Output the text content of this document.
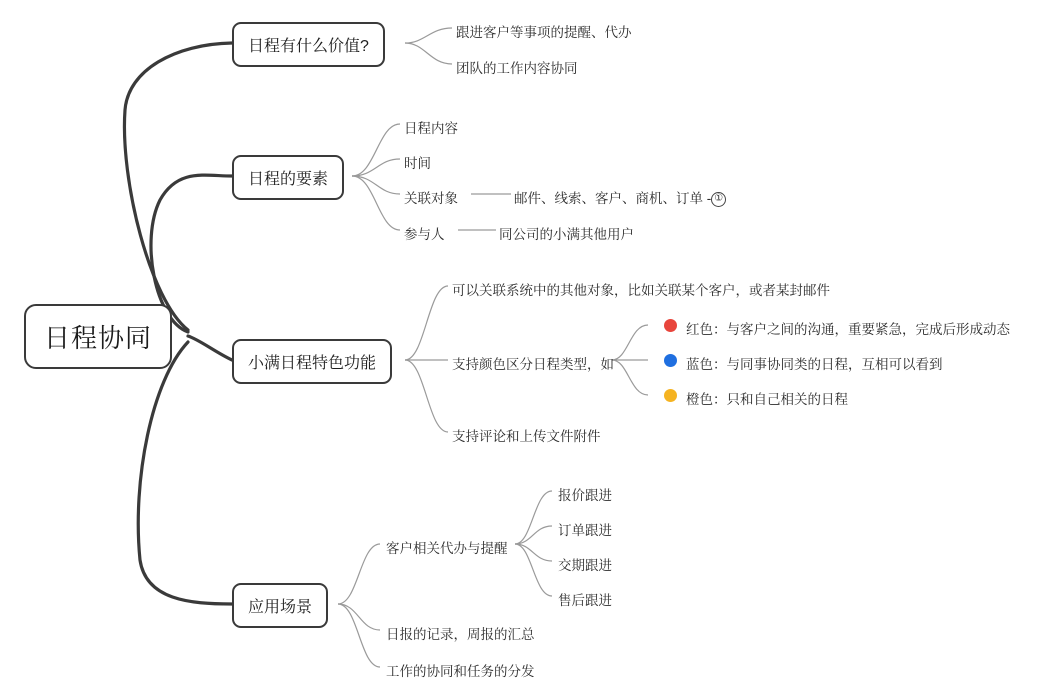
日程协同
日程有什么价值?
跟进客户等事项的提醒、代办
团队的工作内容协同
日程的要素
日程内容
时间
关联对象	邮件、线索、客户、商机、订单 - ①
参与人	同公司的小满其他用户
小满日程特色功能
可以关联系统中的其他对象，比如关联某个客户，或者某封邮件
支持颜色区分日程类型，如
支持评论和上传文件附件
红色：与客户之间的沟通，重要紧急，完成后形成动态
蓝色：与同事协同类的日程，互相可以看到
橙色：只和自己相关的日程
应用场景
客户相关代办与提醒
日报的记录，周报的汇总
工作的协同和任务的分发
报价跟进
订单跟进
交期跟进
售后跟进
